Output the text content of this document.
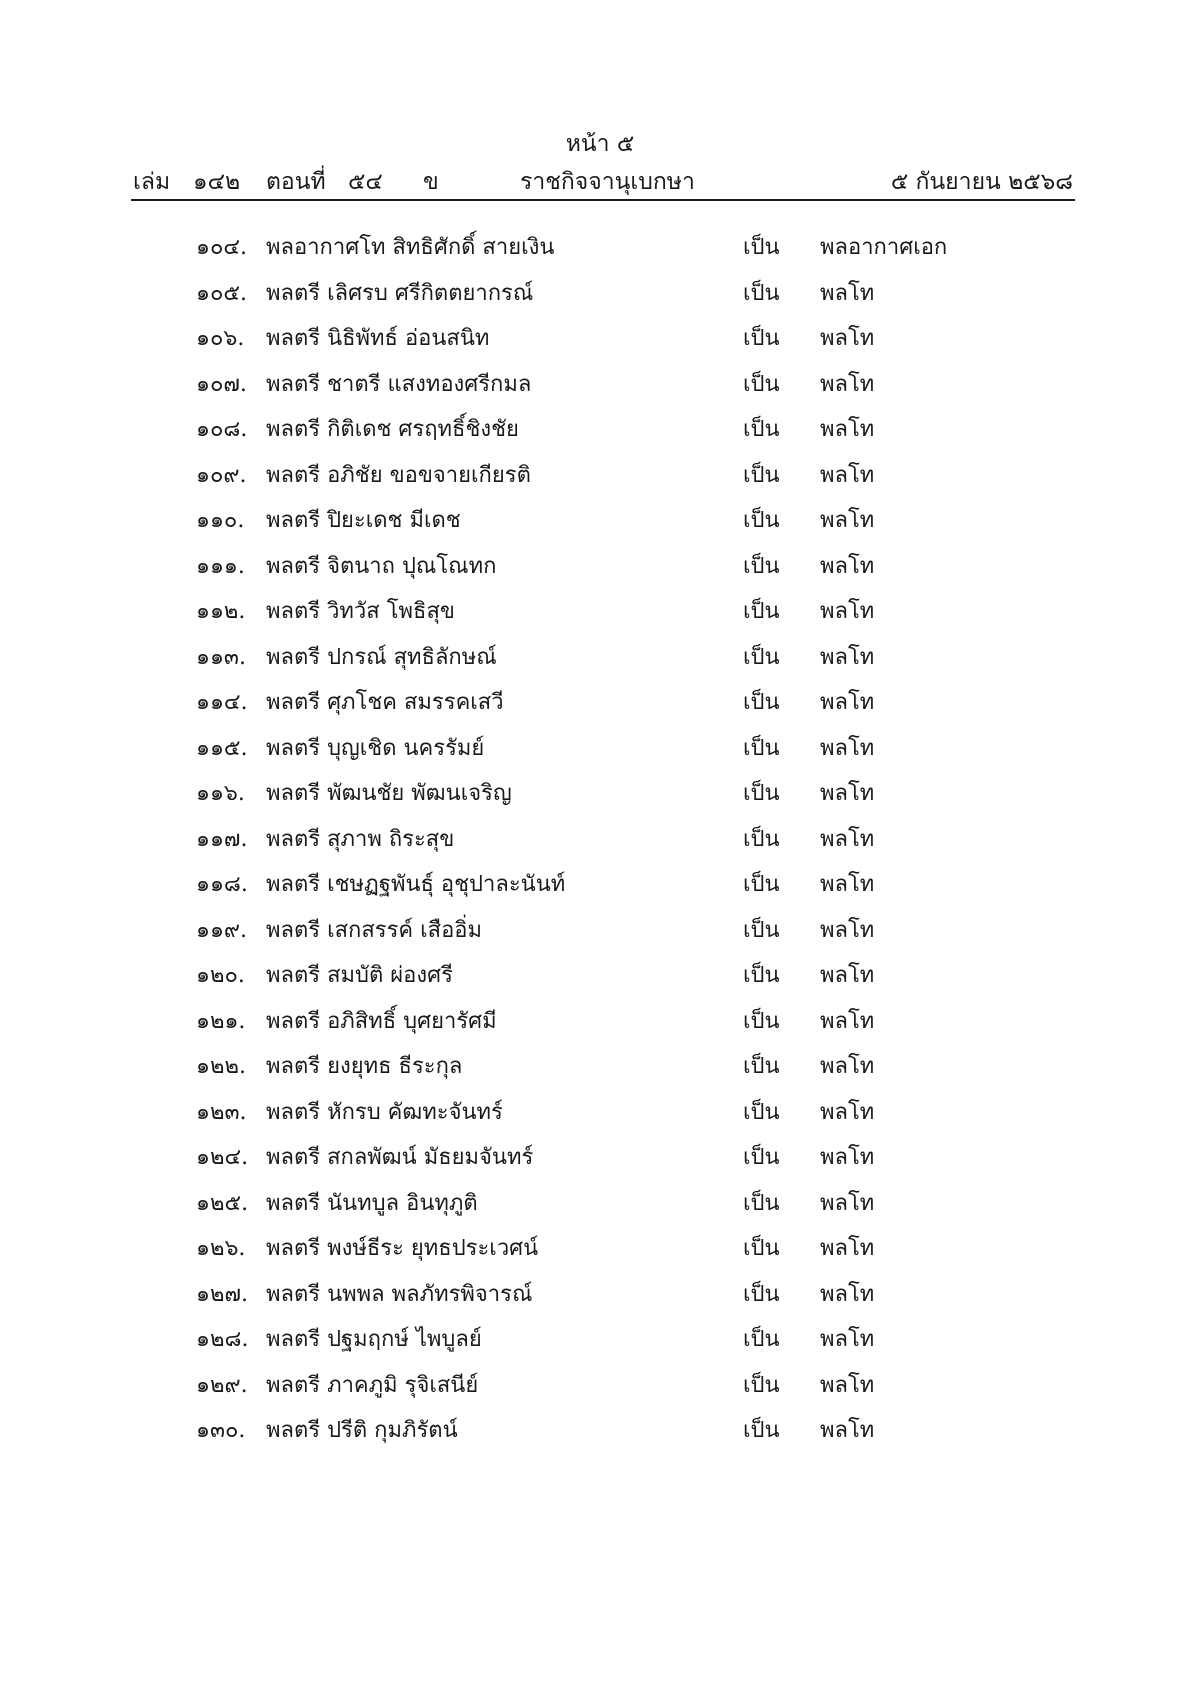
หน้า ๕
เล่ม ๑๔๒ ตอนที่ ๕๔ ข	ราชกิจจานุเบกษา	๕ กันยายน ๒๕๖๘
๑๐๔. พลอากาศโท สิทธิศักดิ์ สายเงิน	เป็น พลอากาศเอก
๑๐๕. พลตรี เลิศรบ ศรีกิตตยากรณ์	เป็น พลโท
๑๐๖. พลตรี นิธิพัทธ์ อ่อนสนิท	เป็น พลโท
๑๐๗. พลตรี ชาตรี แสงทองศรีกมล	เป็น พลโท
๑๐๘. พลตรี กิติเดช ศรฤทธิ์ชิงชัย	เป็น พลโท
๑๐๙. พลตรี อภิชัย ขอขจายเกียรติ	เป็น พลโท
๑๑๐. พลตรี ปิยะเดช มีเดช	เป็น พลโท
๑๑๑. พลตรี จิตนาถ ปุณโณทก	เป็น พลโท
๑๑๒. พลตรี วิทวัส โพธิสุข	เป็น พลโท
๑๑๓. พลตรี ปกรณ์ สุทธิลักษณ์	เป็น พลโท
๑๑๔. พลตรี ศุภโชค สมรรคเสวี	เป็น พลโท
๑๑๕. พลตรี บุญเชิด นครรัมย์	เป็น พลโท
๑๑๖. พลตรี พัฒนชัย พัฒนเจริญ	เป็น พลโท
๑๑๗. พลตรี สุภาพ ถิระสุข	เป็น พลโท
๑๑๘. พลตรี เชษฏฐพันธุ์ อุชุปาละนันท์	เป็น พลโท
๑๑๙. พลตรี เสกสรรค์ เสืออิ่ม	เป็น พลโท
๑๒๐. พลตรี สมบัติ ผ่องศรี	เป็น พลโท
๑๒๑. พลตรี อภิสิทธิ์ บุศยารัศมี	เป็น พลโท
๑๒๒. พลตรี ยงยุทธ ธีระกุล	เป็น พลโท
๑๒๓. พลตรี หักรบ คัฒทะจันทร์	เป็น พลโท
๑๒๔. พลตรี สกลพัฒน์ มัธยมจันทร์	เป็น พลโท
๑๒๕. พลตรี นันทบูล อินทุภูติ	เป็น พลโท
๑๒๖. พลตรี พงษ์ธีระ ยุทธประเวศน์	เป็น พลโท
๑๒๗. พลตรี นพพล พลภัทรพิจารณ์	เป็น พลโท
๑๒๘. พลตรี ปฐมฤกษ์ ไพบูลย์	เป็น พลโท
๑๒๙. พลตรี ภาคภูมิ รุจิเสนีย์	เป็น พลโท
๑๓๐. พลตรี ปรีติ กุมภิรัตน์	เป็น พลโท
